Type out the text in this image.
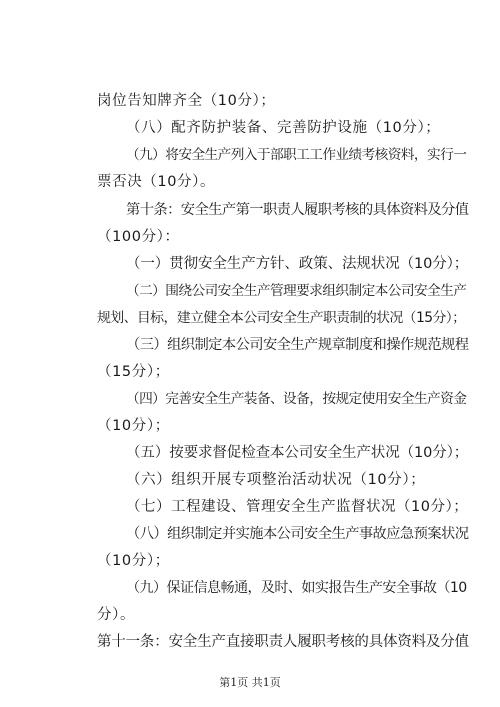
岗位告知牌齐全（10分）；
（八）配齐防护装备、完善防护设施（10分）；
（九）将安全生产列入于部职工工作业绩考核资料，实行一
票否决（10分）。
第十条：安全生产第一职责人履职考核的具体资料及分值
（100分）：
（一）贯彻安全生产方针、政策、法规状况（10分）；
（二）围绕公司安全生产管理要求组织制定本公司安全生产
规划、目标，建立健全本公司安全生产职责制的状况（15分）；
（三）组织制定本公司安全生产规章制度和操作规范规程
（15分）；
（四）完善安全生产装备、设备，按规定使用安全生产资金
（10分）；
（五）按要求督促检查本公司安全生产状况（10分）；
（六）组织开展专项整治活动状况（10分）；
（七）工程建设、管理安全生产监督状况（10分）；
（八）组织制定并实施本公司安全生产事故应急预案状况
（10分）；
（九）保证信息畅通，及时、如实报告生产安全事故（10
分）。
第十一条：安全生产直接职责人履职考核的具体资料及分值
第1页 共1页
